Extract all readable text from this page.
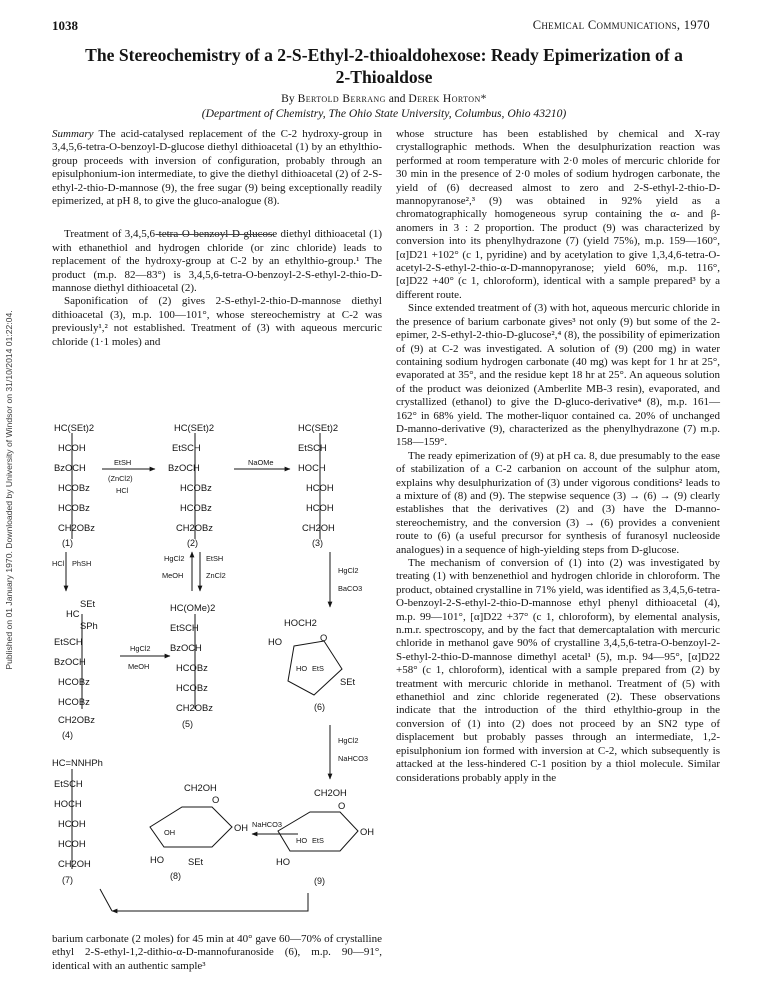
Published on 01 January 1970. Downloaded by University of Windsor on 31/10/2014 01:22:04.
1038	Chemical Communications, 1970
The Stereochemistry of a 2-S-Ethyl-2-thioaldohexose: Ready Epimerization of a
2-Thioaldose
By Bertold Berrang and Derek Horton*
(Department of Chemistry, The Ohio State University, Columbus, Ohio 43210)

Summary The acid-catalysed replacement of the C-2 hydroxy-group in 3,4,5,6-tetra-O-benzoyl-D-glucose diethyl dithioacetal (1) by an ethylthio-group proceeds with inversion of configuration, probably through an episulphonium-ion intermediate, to give the diethyl dithioacetal (2) of 2-S-ethyl-2-thio-D-mannose (9), the free sugar (9) being exceptionally readily epimerized, at pH 8, to give the gluco-analogue (8).

Treatment of 3,4,5,6-tetra-O-benzoyl-D-glucose diethyl dithioacetal (1) with ethanethiol and hydrogen chloride (or zinc chloride) leads to replacement of the hydroxy-group at C-2 by an ethylthio-group.¹ The product (m.p. 82—83°) is 3,4,5,6-tetra-O-benzoyl-2-S-ethyl-2-thio-D-mannose diethyl dithioacetal (2).

Saponification of (2) gives 2-S-ethyl-2-thio-D-mannose diethyl dithioacetal (3), m.p. 100—101°, whose stereochemistry at C-2 was previously¹,² not established. Treatment of (3) with aqueous mercuric chloride (1·1 moles) and

HC(SEt)2
HCOH
BzOCH
HCOBz
HCOBz
CH2OBz
(1)
HC(SEt)2
EtSCH
BzOCH
HCOBz
HCOBz
CH2OBz
(2)
HC(SEt)2
EtSCH
HOCH
HCOH
HCOH
CH2OH
(3)
EtSH
(ZnCl2)
HCl
NaOMe
HCl PhSH
HgCl2	EtSH
MeOH	ZnCl2
HgCl2
BaCO3
SEt
HC
SPh
EtSCH
BzOCH
HCOBz
HCOBz
CH2OBz
(4)
HgCl2
MeOH
HC(OMe)2
EtSCH
BzOCH
HCOBz
HCOBz
CH2OBz
(5)
HOCH2
HO	O
HO EtS
SEt
(6)
HgCl2
NaHCO3
HC=NNHPh
EtSCH
HOCH
HCOH
HCOH
CH2OH
(7)
CH2OH
O
OH	OH
HO	SEt
(8)
NaHCO3
CH2OH
O
HO EtS
OH
HO
(9)

barium carbonate (2 moles) for 45 min at 40° gave 60—70% of crystalline ethyl 2-S-ethyl-1,2-dithio-α-D-mannofuranoside (6), m.p. 90—91°, identical with an authentic sample³

whose structure has been established by chemical and X-ray crystallographic methods. When the desulphurization reaction was performed at room temperature with 2·0 moles of mercuric chloride for 30 min in the presence of 2·0 moles of sodium hydrogen carbonate, the yield of (6) decreased almost to zero and 2-S-ethyl-2-thio-D-mannopyranose²,³ (9) was obtained in 92% yield as a chromatographically homogeneous syrup containing the α- and β-anomers in 3 : 2 proportion. The product (9) was characterized by conversion into its phenylhydrazone (7) (yield 75%), m.p. 159—160°, [α]D21 +102° (c 1, pyridine) and by acetylation to give 1,3,4,6-tetra-O-acetyl-2-S-ethyl-2-thio-α-D-mannopyranose; yield 60%, m.p. 116°, [α]D22 +40° (c 1, chloroform), identical with a sample prepared³ by a different route.

Since extended treatment of (3) with hot, aqueous mercuric chloride in the presence of barium carbonate gives³ not only (9) but some of the 2-epimer, 2-S-ethyl-2-thio-D-glucose²,⁴ (8), the possibility of epimerization of (9) at C-2 was investigated. A solution of (9) (200 mg) in water containing sodium hydrogen carbonate (40 mg) was kept for 1 hr at 25°, evaporated at 35°, and the residue kept 18 hr at 25°. An aqueous solution of the product was deionized (Amberlite MB-3 resin), evaporated, and crystallized (ethanol) to give the D-gluco-derivative⁴ (8), m.p. 161—162° in 68% yield. The mother-liquor contained ca. 20% of unchanged D-manno-derivative (9), characterized as the phenylhydrazone (7) m.p. 158—159°.

The ready epimerization of (9) at pH ca. 8, due presumably to the ease of stabilization of a C-2 carbanion on account of the sulphur atom, explains why desulphurization of (3) under vigorous conditions² leads to a mixture of (8) and (9). The stepwise sequence (3) → (6) → (9) clearly establishes that the derivatives (2) and (3) have the D-manno-stereochemistry, and the conversion (3) → (6) provides a convenient route to (6) (a useful precursor for synthesis of furanosyl nucleoside analogues) in a sequence of high-yielding steps from D-glucose.

The mechanism of conversion of (1) into (2) was investigated by treating (1) with benzenethiol and hydrogen chloride in chloroform. The product, obtained crystalline in 71% yield, was identified as 3,4,5,6-tetra-O-benzoyl-2-S-ethyl-2-thio-D-mannose ethyl phenyl dithioacetal (4), m.p. 99—101°, [α]D22 +37° (c 1, chloroform), by elemental analysis, n.m.r. spectroscopy, and by the fact that demercaptalation with mercuric chloride in methanol gave 90% of crystalline 3,4,5,6-tetra-O-benzoyl-2-S-ethyl-2-thio-D-mannose dimethyl acetal¹ (5), m.p. 94—95°, [α]D22 +58° (c 1, chloroform), identical with a sample prepared from (2) by treatment with mercuric chloride in methanol. Treatment of (5) with ethanethiol and zinc chloride regenerated (2). These observations indicate that the introduction of the third ethylthio-group in the conversion of (1) into (2) does not proceed by an SN2 type of displacement but probably passes through an intermediate, 1,2-episulphonium ion formed with inversion at C-2, which subsequently is attacked at the less-hindered C-1 position by a thiol molecule. Similar considerations probably apply in the
